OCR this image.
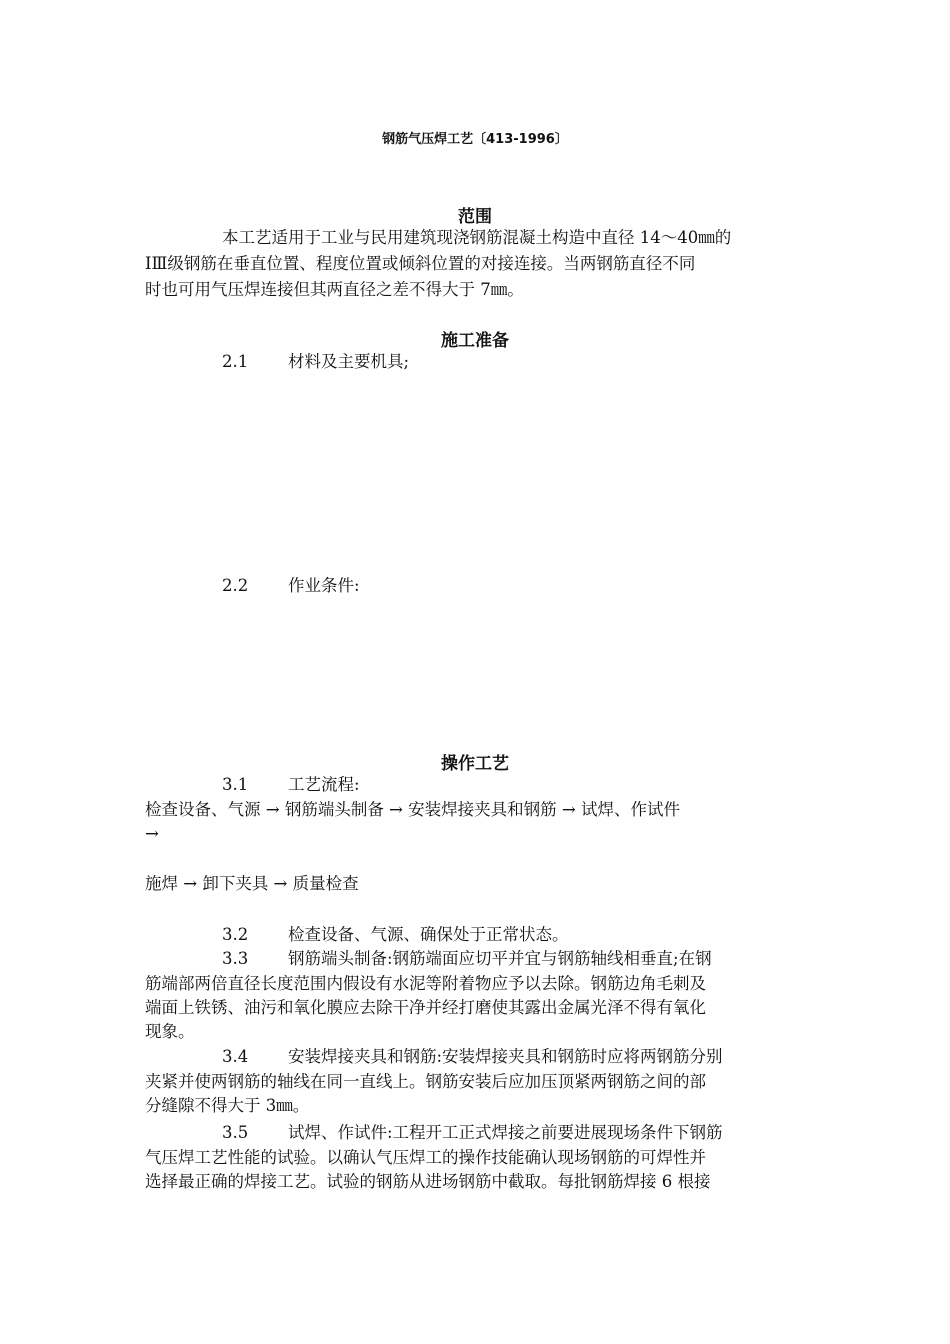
钢筋气压焊工艺〔413-1996〕
范围
本工艺适用于工业与民用建筑现浇钢筋混凝土构造中直径 14～40㎜的
ⅠⅢ级钢筋在垂直位置、程度位置或倾斜位置的对接连接。当两钢筋直径不同
时也可用气压焊连接但其两直径之差不得大于 7㎜。
施工准备
2.1 材料及主要机具;
2.2 作业条件:
操作工艺
3.1 工艺流程:
检查设备、气源 → 钢筋端头制备 → 安装焊接夹具和钢筋 → 试焊、作试件
→
施焊 → 卸下夹具 → 质量检查
3.2 检查设备、气源、确保处于正常状态。
3.3 钢筋端头制备:钢筋端面应切平并宜与钢筋轴线相垂直;在钢
筋端部两倍直径长度范围内假设有水泥等附着物应予以去除。钢筋边角毛刺及
端面上铁锈、油污和氧化膜应去除干净并经打磨使其露出金属光泽不得有氧化
现象。
3.4 安装焊接夹具和钢筋:安装焊接夹具和钢筋时应将两钢筋分别
夹紧并使两钢筋的轴线在同一直线上。钢筋安装后应加压顶紧两钢筋之间的部
分缝隙不得大于 3㎜。
3.5 试焊、作试件:工程开工正式焊接之前要进展现场条件下钢筋
气压焊工艺性能的试验。以确认气压焊工的操作技能确认现场钢筋的可焊性并
选择最正确的焊接工艺。试验的钢筋从进场钢筋中截取。每批钢筋焊接 6 根接
